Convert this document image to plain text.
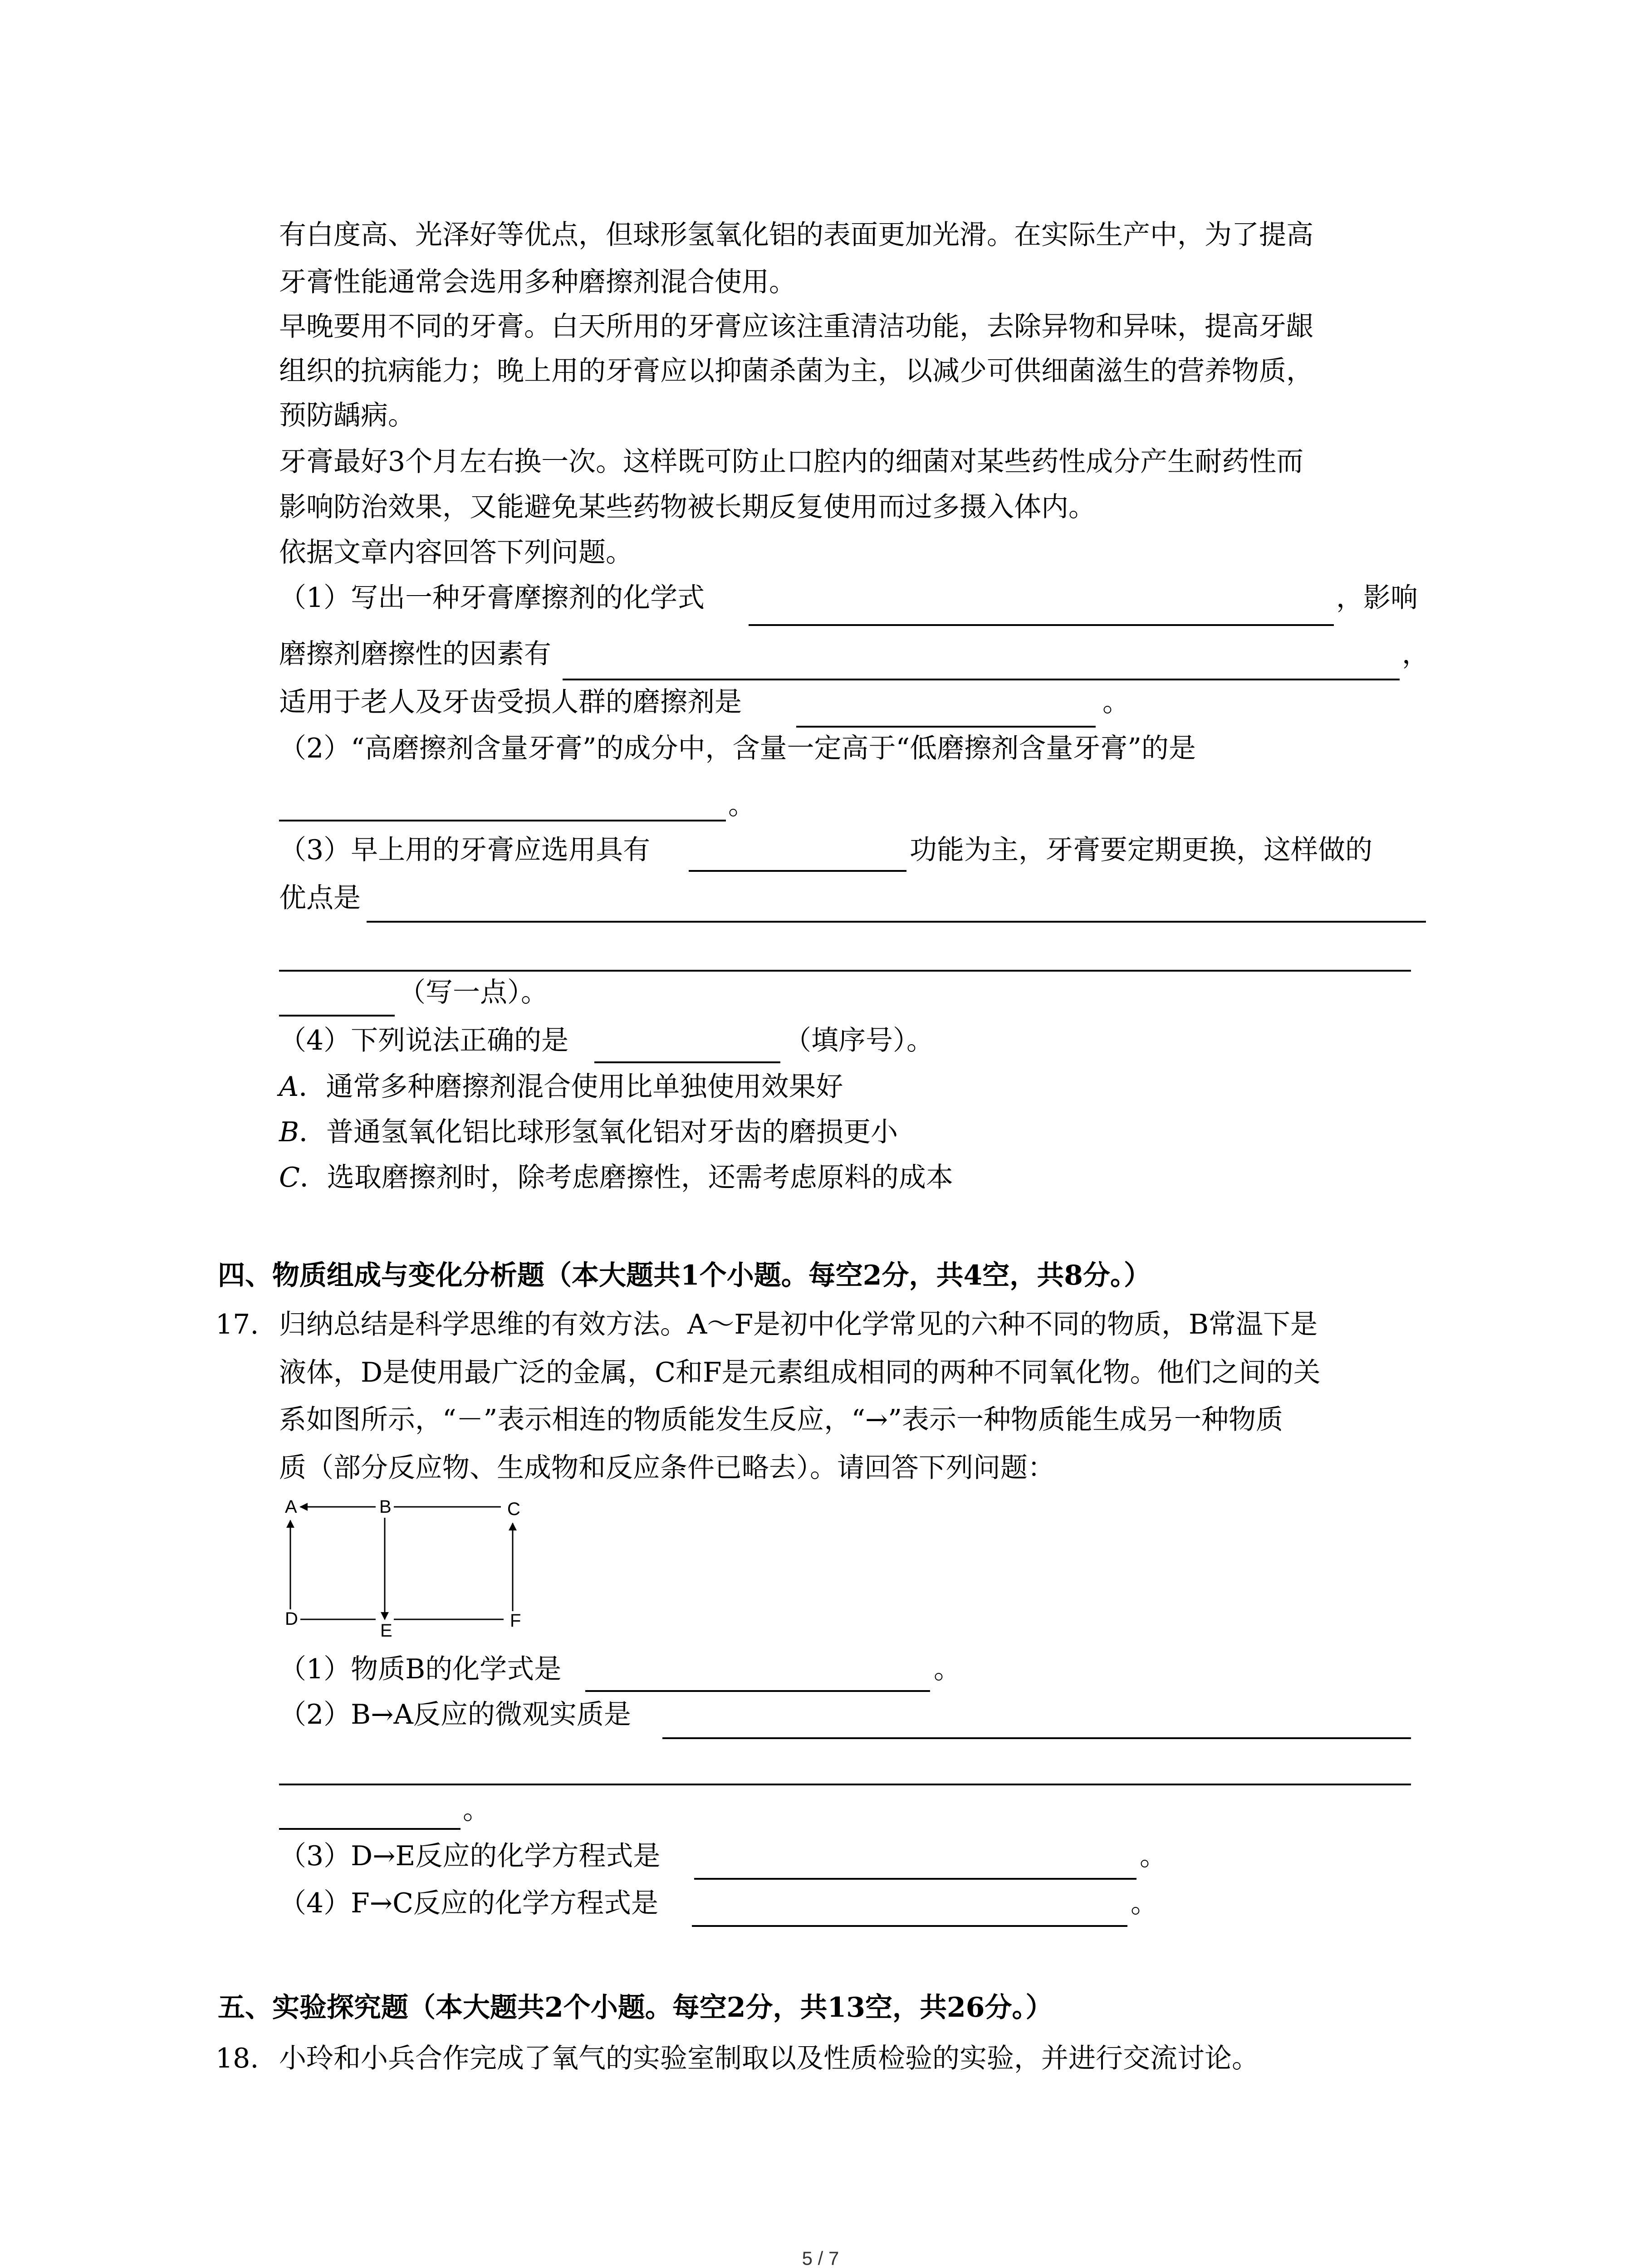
有白度高、光泽好等优点，但球形氢氧化铝的表面更加光滑。在实际生产中，为了提高
牙膏性能通常会选用多种磨擦剂混合使用。
早晚要用不同的牙膏。白天所用的牙膏应该注重清洁功能，去除异物和异味，提高牙龈
组织的抗病能力；晚上用的牙膏应以抑菌杀菌为主，以减少可供细菌滋生的营养物质，
预防龋病。
牙膏最好3个月左右换一次。这样既可防止口腔内的细菌对某些药性成分产生耐药性而
影响防治效果，又能避免某些药物被长期反复使用而过多摄入体内。
依据文章内容回答下列问题。
（1）写出一种牙膏摩擦剂的化学式	，影响
磨擦剂磨擦性的因素有	，
适用于老人及牙齿受损人群的磨擦剂是	。
（2）“高磨擦剂含量牙膏”的成分中，含量一定高于“低磨擦剂含量牙膏”的是
。
（3）早上用的牙膏应选用具有	功能为主，牙膏要定期更换，这样做的
优点是
（写一点）。
（4）下列说法正确的是	（填序号）。
A．通常多种磨擦剂混合使用比单独使用效果好
B．普通氢氧化铝比球形氢氧化铝对牙齿的磨损更小
C．选取磨擦剂时，除考虑磨擦性，还需考虑原料的成本
四、物质组成与变化分析题（本大题共1个小题。每空2分，共4空，共8分。）
17. 归纳总结是科学思维的有效方法。A～F是初中化学常见的六种不同的物质，B常温下是
液体，D是使用最广泛的金属，C和F是元素组成相同的两种不同氧化物。他们之间的关
系如图所示，“－”表示相连的物质能发生反应，“→”表示一种物质能生成另一种物质
质（部分反应物、生成物和反应条件已略去）。请回答下列问题：
A	B	C
D
E	F
（1）物质B的化学式是	。
（2）B→A反应的微观实质是
。
（3）D→E反应的化学方程式是	。
（4）F→C反应的化学方程式是	。
五、实验探究题（本大题共2个小题。每空2分，共13空，共26分。）
18. 小玲和小兵合作完成了氧气的实验室制取以及性质检验的实验，并进行交流讨论。
5 / 7
